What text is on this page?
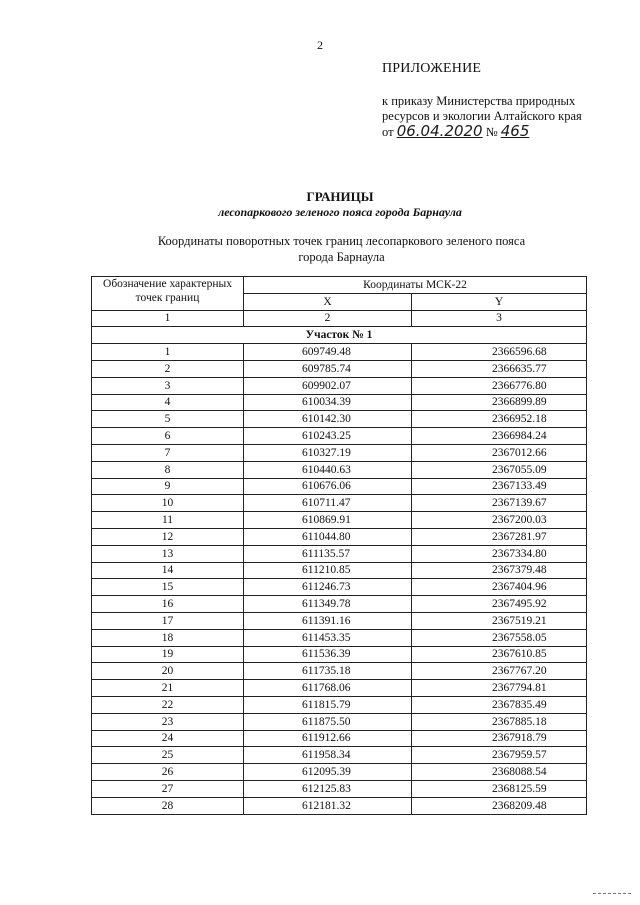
2
ПРИЛОЖЕНИЕ
к приказу Министерства природных
ресурсов и экологии Алтайского края
от 06.04.2020 № 465
ГРАНИЦЫ
лесопаркового зеленого пояса города Барнаула
Координаты поворотных точек границ лесопаркового зеленого пояса
города Барнаула
Обозначение характерных точек границ	Координаты МСК-22	
	X	Y
1	2	3
Участок № 1		
1	609749.48	2366596.68
2	609785.74	2366635.77
3	609902.07	2366776.80
4	610034.39	2366899.89
5	610142.30	2366952.18
6	610243.25	2366984.24
7	610327.19	2367012.66
8	610440.63	2367055.09
9	610676.06	2367133.49
10	610711.47	2367139.67
11	610869.91	2367200.03
12	611044.80	2367281.97
13	611135.57	2367334.80
14	611210.85	2367379.48
15	611246.73	2367404.96
16	611349.78	2367495.92
17	611391.16	2367519.21
18	611453.35	2367558.05
19	611536.39	2367610.85
20	611735.18	2367767.20
21	611768.06	2367794.81
22	611815.79	2367835.49
23	611875.50	2367885.18
24	611912.66	2367918.79
25	611958.34	2367959.57
26	612095.39	2368088.54
27	612125.83	2368125.59
28	612181.32	2368209.48
